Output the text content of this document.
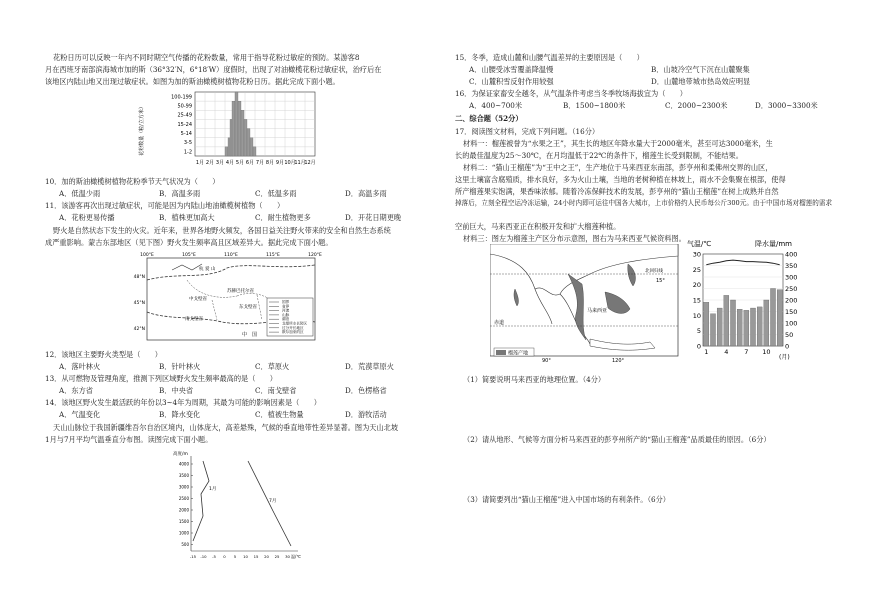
花粉日历可以反映一年内不同时期空气传播的花粉数量，常用于指导花粉过敏症的预防。某游客8
月在西班牙南部滨海城市加的斯（36°32′N，6°18′W）度假时，出现了对油橄榄花粉过敏症状，治疗后在
该地区内陆山地又出现过敏症状。如图为加的斯油橄榄树植物花粉日历。据此完成下面小题。
花粉数量（粒/立方米）
100-199
50-99
25-49
15-24
5-14
3-5
1-2
1月 2月 3月 4月 5月 6月 7月 8月 9月 10月
11月
12月
10．加的斯油橄榄树植物花粉季节天气状况为（　　）
A．低温少雨	B．高温多雨	C．低温多雨	D．高温多雨
11．该游客再次出现过敏症状，可能是因为内陆山地油橄榄树植物（　　）
A．花粉更易传播	B．植株更加高大	C．耐生植物更多	D．开花日期更晚
野火是自然状态下发生的火灾。近年来，世界各地野火频发，各国日益关注野火带来的安全和自然生态系统
成严重影响。蒙古东部地区（见下图）野火发生频率高且区域差异大。据此完成下面小题。
100°E	105°E	110°E	115°E	120°E
48°N
45°N
42°N
国界
省界
河流
山脉
湖泊
戈壁所水长防区
过分开长地区
散尔加来的区
杭 爱 山
中戈壁省
苏赫巴托尔省
东戈壁省
南戈壁省
中　国
12．该地区主要野火类型是（　　）
A．落叶林火	B．针叶林火	C．草原火	D．荒漠草原火
13．从可燃物及管理角度，推测下列区域野火发生频率最高的是（　　）
A．东方省	B．中央省	C．南戈壁省	D．色楞格省
14．该地区野火发生最活跃的年份以3~4年为周期，其最为可能的影响因素是（　　）
A．气温变化	B．降水变化	C．植被生物量	D．游牧活动
天山山脉位于我国新疆维吾尔自治区境内，山体庞大，高差悬殊，气候的垂直地带性差异显著。图为天山北坡
1月与7月平均气温垂直分布图。读图完成下面小题。
高度/m
4000
3500
3000
2500
2000
1500
1000
500
-15 -10 -5 0 5 10 15 20 25 30
1月
7月
温/℃
15．冬季，造成山麓和山腰气温差异的主要原因是（　　）
A．山腰受冰雪覆盖降温慢	B．山坡冷空气下沉在山麓聚集
C．山麓积雪反射作用较强	D．山麓地带城市热岛效应明显
16．为保证家畜安全越冬，从气温条件考虑当冬季牧场海拔宜为（　　）
A．400~700米	B．1500~1800米	C．2000~2300米	D．3000~3300米
二、综合题（52分）
17．阅读图文材料，完成下列问题。（16分）
材料一：榴莲被誉为“水果之王”，其生长的地区年降水量大于2000毫米，甚至可达3000毫米，生
长的最佳温度为25～30℃，在月均温低于22℃的条件下，榴莲生长受到限制，不能结果。
材料二：“猫山王榴莲”为“王中之王”，生产地位于马来西亚东南部，彭亨州和柔佛州交界的山区，
这里土壤富含腐殖质，排水良好，多为火山土壤，当地的老树种植在林坡上，雨水不会集聚在根部，使得
所产榴莲果实饱满，果香味浓郁。随着冷冻保鲜技术的发展，彭亨州的“猫山王榴莲”在树上成熟并自然
掉落后，立刻全程空运冷冻运输，24小时内即可运往中国各大城市，上市价格约人民币每公斤300元。由于中国市场对榴莲的需求
空前巨大，马来西亚正在积极开发和扩大榴莲种植。
材料三：图左为榴莲主产区分布示意图，图右为马来西亚气候资料图。
15°
北回归线
马来西亚
赤道
90°	120°
榴莲产地
气温/℃	降水量/mm
30
25
20
15
10
5
0
400
350
300
250
200
150
100
50
0
1 4 7 10
(月)
（1）简要说明马来西亚的地理位置。（4分）
（2）请从地形、气候等方面分析马来西亚的彭亨州所产的“猫山王榴莲”品质最佳的原因。（6分）
（3）请简要列出“猫山王榴莲”进入中国市场的有利条件。（6分）
